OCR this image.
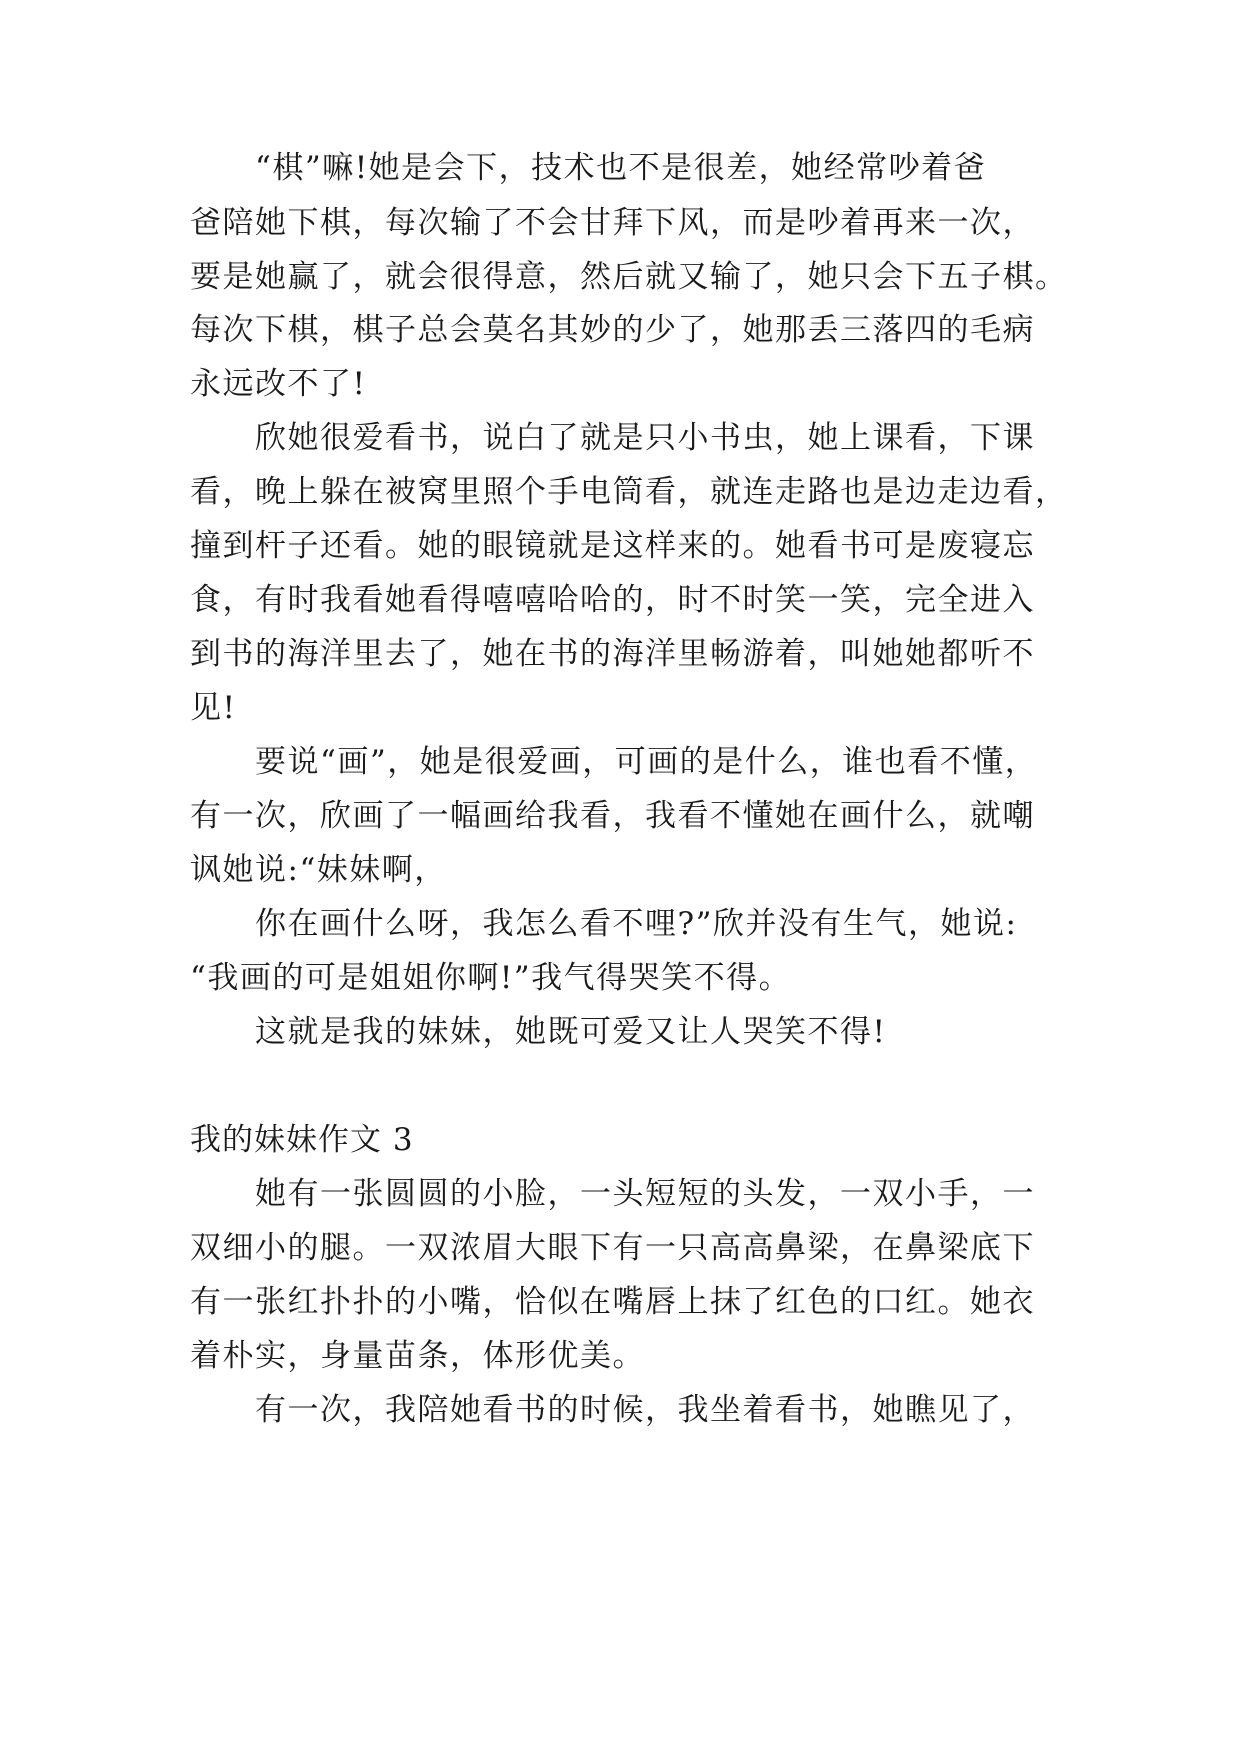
“棋”嘛!她是会下，技术也不是很差，她经常吵着爸
爸陪她下棋，每次输了不会甘拜下风，而是吵着再来一次，
要是她赢了，就会很得意，然后就又输了，她只会下五子棋。
每次下棋，棋子总会莫名其妙的少了，她那丢三落四的毛病
永远改不了!
欣她很爱看书，说白了就是只小书虫，她上课看，下课
看，晚上躲在被窝里照个手电筒看，就连走路也是边走边看，
撞到杆子还看。她的眼镜就是这样来的。她看书可是废寝忘
食，有时我看她看得嘻嘻哈哈的，时不时笑一笑，完全进入
到书的海洋里去了，她在书的海洋里畅游着，叫她她都听不
见!
要说“画”，她是很爱画，可画的是什么，谁也看不懂，
有一次，欣画了一幅画给我看，我看不懂她在画什么，就嘲
讽她说:“妹妹啊，
你在画什么呀，我怎么看不哩?”欣并没有生气，她说:
“我画的可是姐姐你啊!”我气得哭笑不得。
这就是我的妹妹，她既可爱又让人哭笑不得!
我的妹妹作文 3
她有一张圆圆的小脸，一头短短的头发，一双小手，一
双细小的腿。一双浓眉大眼下有一只高高鼻梁，在鼻梁底下
有一张红扑扑的小嘴，恰似在嘴唇上抹了红色的口红。她衣
着朴实，身量苗条，体形优美。
有一次，我陪她看书的时候，我坐着看书，她瞧见了，
